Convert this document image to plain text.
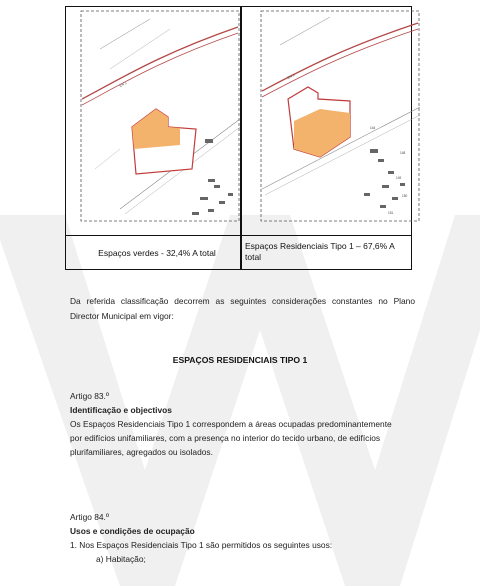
EN 1
EN 1
144
148
149
150
151
Espaços verdes - 32,4% A total
Espaços Residenciais Tipo 1 – 67,6% A total
Da referida classificação decorrem as seguintes considerações constantes no Plano
Director Municipal em vigor:
ESPAÇOS RESIDENCIAIS TIPO 1
Artigo 83.º
Identificação e objectivos
Os Espaços Residenciais Tipo 1 correspondem a áreas ocupadas predominantemente
por edifícios unifamiliares, com a presença no interior do tecido urbano, de edifícios
plurifamiliares, agregados ou isolados.
Artigo 84.º
Usos e condições de ocupação
1. Nos Espaços Residenciais Tipo 1 são permitidos os seguintes usos:
a) Habitação;
